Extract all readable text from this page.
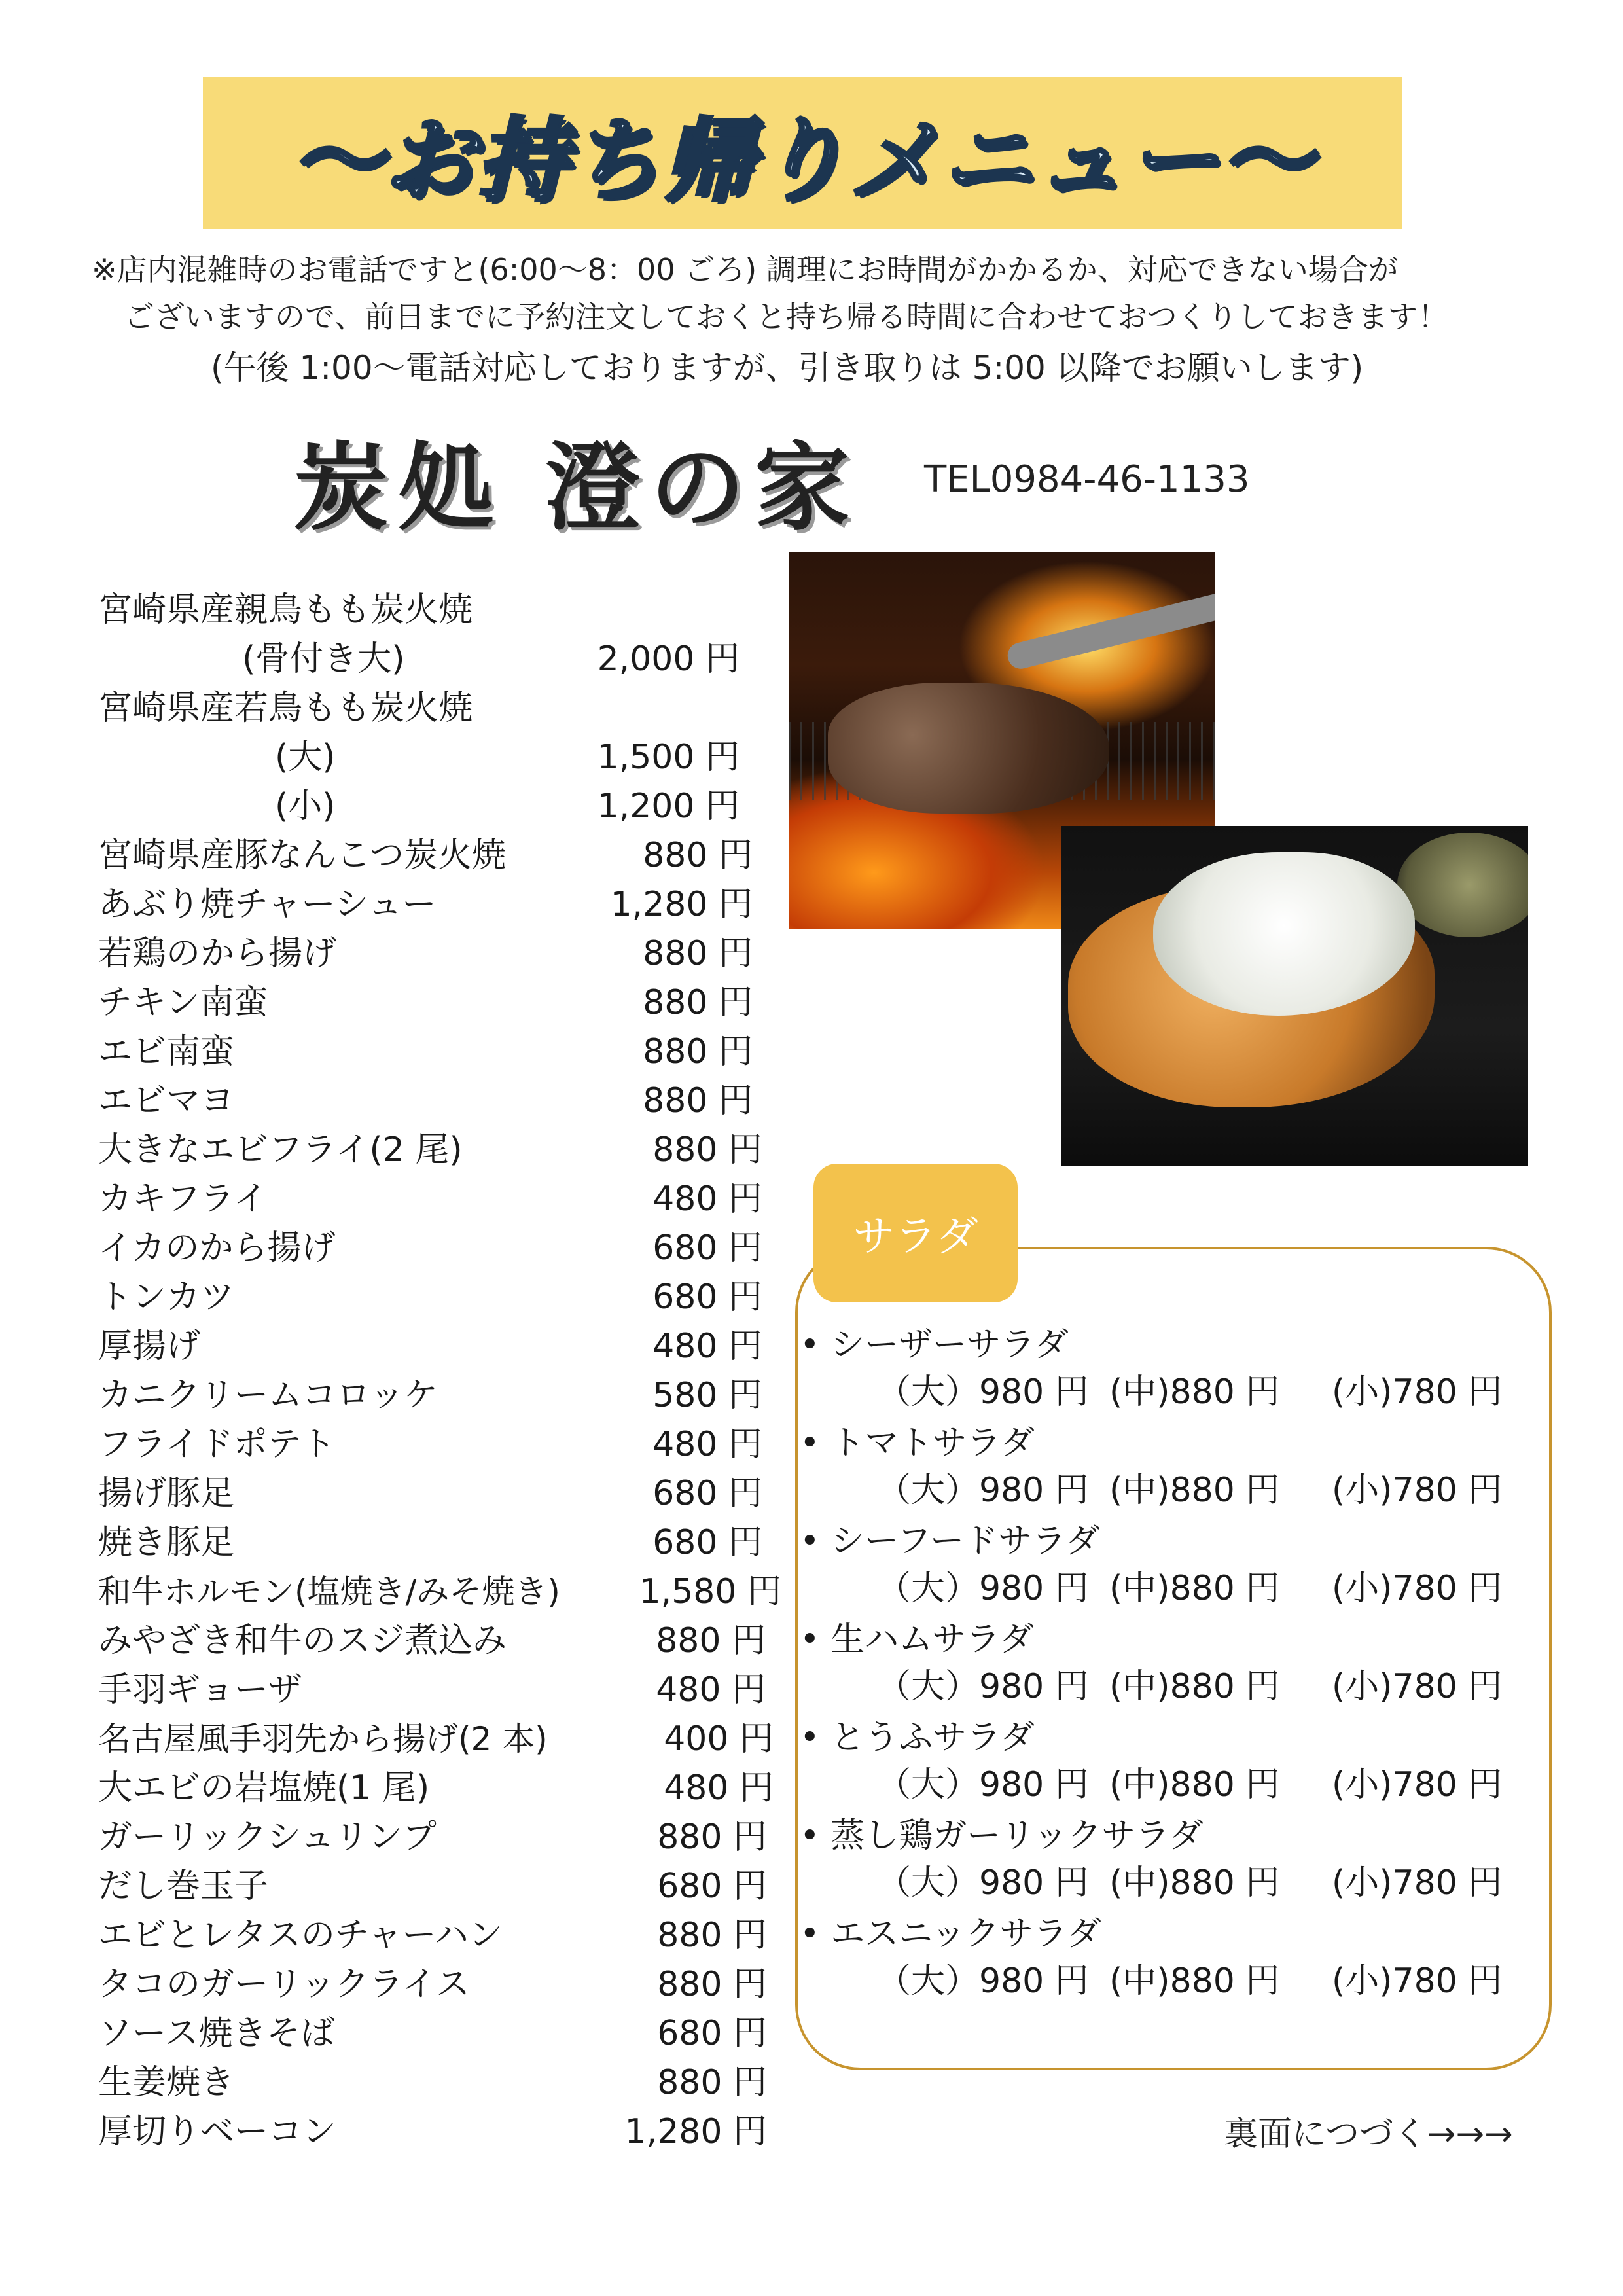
～お持ち帰りメニュー～
※店内混雑時のお電話ですと(6:00～8：00 ごろ) 調理にお時間がかかるか、対応できない場合が
ございますので、前日までに予約注文しておくと持ち帰る時間に合わせておつくりしておきます！
(午後 1:00～電話対応しておりますが、引き取りは 5:00 以降でお願いします)
炭処 澄の家 TEL0984-46-1133
宮崎県産親鳥もも炭火焼
(骨付き大)	2,000 円
宮崎県産若鳥もも炭火焼
(大)	1,500 円
(小)	1,200 円
宮崎県産豚なんこつ炭火焼	880 円
あぶり焼チャーシュー	1,280 円
若鶏のから揚げ	880 円
チキン南蛮	880 円
エビ南蛮	880 円
エビマヨ	880 円
大きなエビフライ(2 尾)	880 円
カキフライ	480 円
イカのから揚げ	680 円
トンカツ	680 円
厚揚げ	480 円
カニクリームコロッケ	580 円
フライドポテト	480 円
揚げ豚足	680 円
焼き豚足	680 円
和牛ホルモン(塩焼き/みそ焼き) 1,580 円
みやざき和牛のスジ煮込み	880 円
手羽ギョーザ	480 円
名古屋風手羽先から揚げ(2 本)	400 円
大エビの岩塩焼(1 尾)	480 円
ガーリックシュリンプ	880 円
だし巻玉子	680 円
エビとレタスのチャーハン	880 円
タコのガーリックライス	880 円
ソース焼きそば	680 円
生姜焼き	880 円
厚切りベーコン	1,280 円
サラダ
• シーザーサラダ
（大）980 円 (中)880 円 (小)780 円
• トマトサラダ
（大）980 円 (中)880 円 (小)780 円
• シーフードサラダ
（大）980 円 (中)880 円 (小)780 円
• 生ハムサラダ
（大）980 円 (中)880 円 (小)780 円
• とうふサラダ
（大）980 円 (中)880 円 (小)780 円
• 蒸し鶏ガーリックサラダ
（大）980 円 (中)880 円 (小)780 円
• エスニックサラダ
（大）980 円 (中)880 円 (小)780 円
裏面につづく→→→
